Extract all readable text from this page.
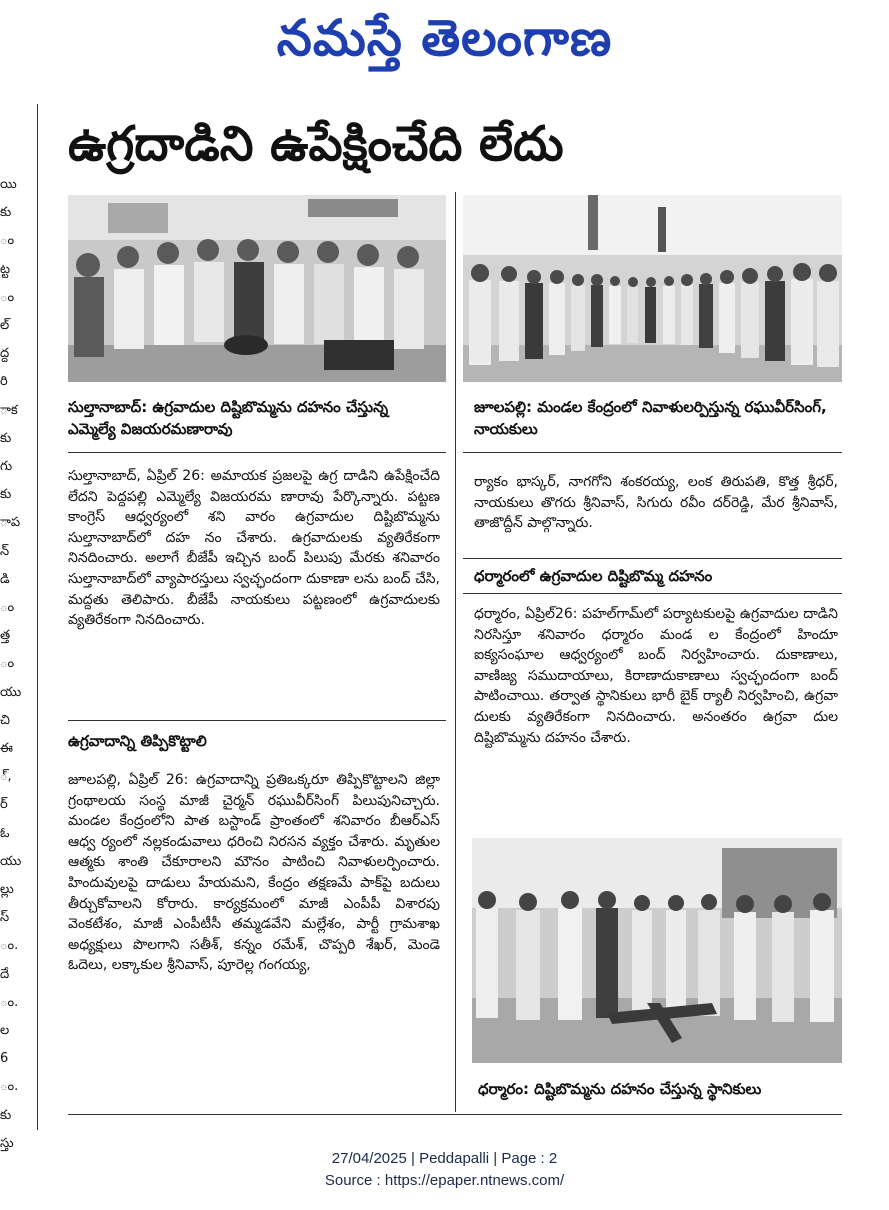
నమస్తే తెలంగాణ
యి
కు
ం
ట్ట
ం
ల్
ద్ద
రి
ాక
కు
గు
కు
ాప
న్
డి
ం
త్త
ం
యు
చి
ఈ
్,
ర్
ఓ
యు
ల్లు
స్
ం.
దే
ం.
ల
6
ం.
కు
స్తు
ఉగ్రదాడిని ఉపేక్షించేది లేదు
సుల్తానాబాద్: ఉగ్రవాదుల దిష్టిబొమ్మను దహనం చేస్తున్న ఎమ్మెల్యే విజయరమణారావు
జూలపల్లి: మండల కేంద్రంలో నివాళులర్పిస్తున్న రఘువీర్‌సింగ్, నాయకులు
సుల్తానాబాద్, ఏప్రిల్ 26: అమాయక ప్రజలపై ఉగ్ర దాడిని ఉపేక్షించేది లేదని పెద్దపల్లి ఎమ్మెల్యే విజయరమ ణారావు పేర్కొన్నారు. పట్టణ కాంగ్రెస్ ఆధ్వర్యంలో శని వారం ఉగ్రవాదుల దిష్టిబొమ్మను సుల్తానాబాద్‌లో దహ నం చేశారు. ఉగ్రవాదులకు వ్యతిరేకంగా నినదించారు. అలాగే బీజేపీ ఇచ్చిన బంద్ పిలుపు మేరకు శనివారం సుల్తానాబాద్‌లో వ్యాపారస్తులు స్వచ్ఛందంగా దుకాణా లను బంద్ చేసి, మద్దతు తెలిపారు. బీజేపీ నాయకులు పట్టణంలో ఉగ్రవాదులకు వ్యతిరేకంగా నినదించారు.
ఉగ్రవాదాన్ని తిప్పికొట్టాలి
జూలపల్లి, ఏప్రిల్ 26: ఉగ్రవాదాన్ని ప్రతిఒక్కరూ తిప్పికొట్టాలని జిల్లా గ్రంథాలయ సంస్థ మాజీ చైర్మన్ రఘువీర్‌సింగ్ పిలుపునిచ్చారు. మండల కేంద్రంలోని పాత బస్టాండ్ ప్రాంతంలో శనివారం బీఆర్ఎస్ ఆధ్వ ర్యంలో నల్లకండువాలు ధరించి నిరసన వ్యక్తం చేశారు. మృతుల ఆత్మకు శాంతి చేకూరాలని మౌనం పాటించి నివాళులర్పించారు. హిందువులపై దాడులు హేయమని, కేంద్రం తక్షణమే పాక్‌పై బదులు తీర్చుకోవాలని కోరారు. కార్యక్రమంలో మాజీ ఎంపీపీ విశారపు వెంకటేశం, మాజీ ఎంపీటీసీ తమ్మడవేని మల్లేశం, పార్టీ గ్రామశాఖ అధ్యక్షులు పొలగాని సతీశ్, కన్నం రమేశ్, చొప్పరి శేఖర్, మెండె ఓదెలు, లక్కాకుల శ్రీనివాస్, పూరెల్ల గంగయ్య,
ర్యాకం భాస్కర్, నాగగోని శంకరయ్య, లంక తిరుపతి, కొత్త శ్రీధర్, నాయకులు తొగరు శ్రీనివాస్, సిగురు రవీం దర్‌రెడ్డి, మేర శ్రీనివాస్, తాజొద్దీన్ పాల్గొన్నారు.
ధర్మారంలో ఉగ్రవాదుల దిష్టిబొమ్మ దహనం
ధర్మారం, ఏప్రిల్26: పహల్‌గామ్‌లో పర్యాటకులపై ఉగ్రవాదుల దాడిని నిరసిస్తూ శనివారం ధర్మారం మండ ల కేంద్రంలో హిందూ ఐక్యసంఘాల ఆధ్వర్యంలో బంద్ నిర్వహించారు. దుకాణాలు, వాణిజ్య సముదాయాలు, కిరాణాదుకాణాలు స్వచ్ఛందంగా బంద్ పాటించాయి. తర్వాత స్థానికులు భారీ బైక్ ర్యాలీ నిర్వహించి, ఉగ్రవా దులకు వ్యతిరేకంగా నినదించారు. అనంతరం ఉగ్రవా దుల దిష్టిబొమ్మను దహనం చేశారు.
ధర్మారం: దిష్టిబొమ్మను దహనం చేస్తున్న స్థానికులు
27/04/2025 | Peddapalli | Page : 2
Source : https://epaper.ntnews.com/
